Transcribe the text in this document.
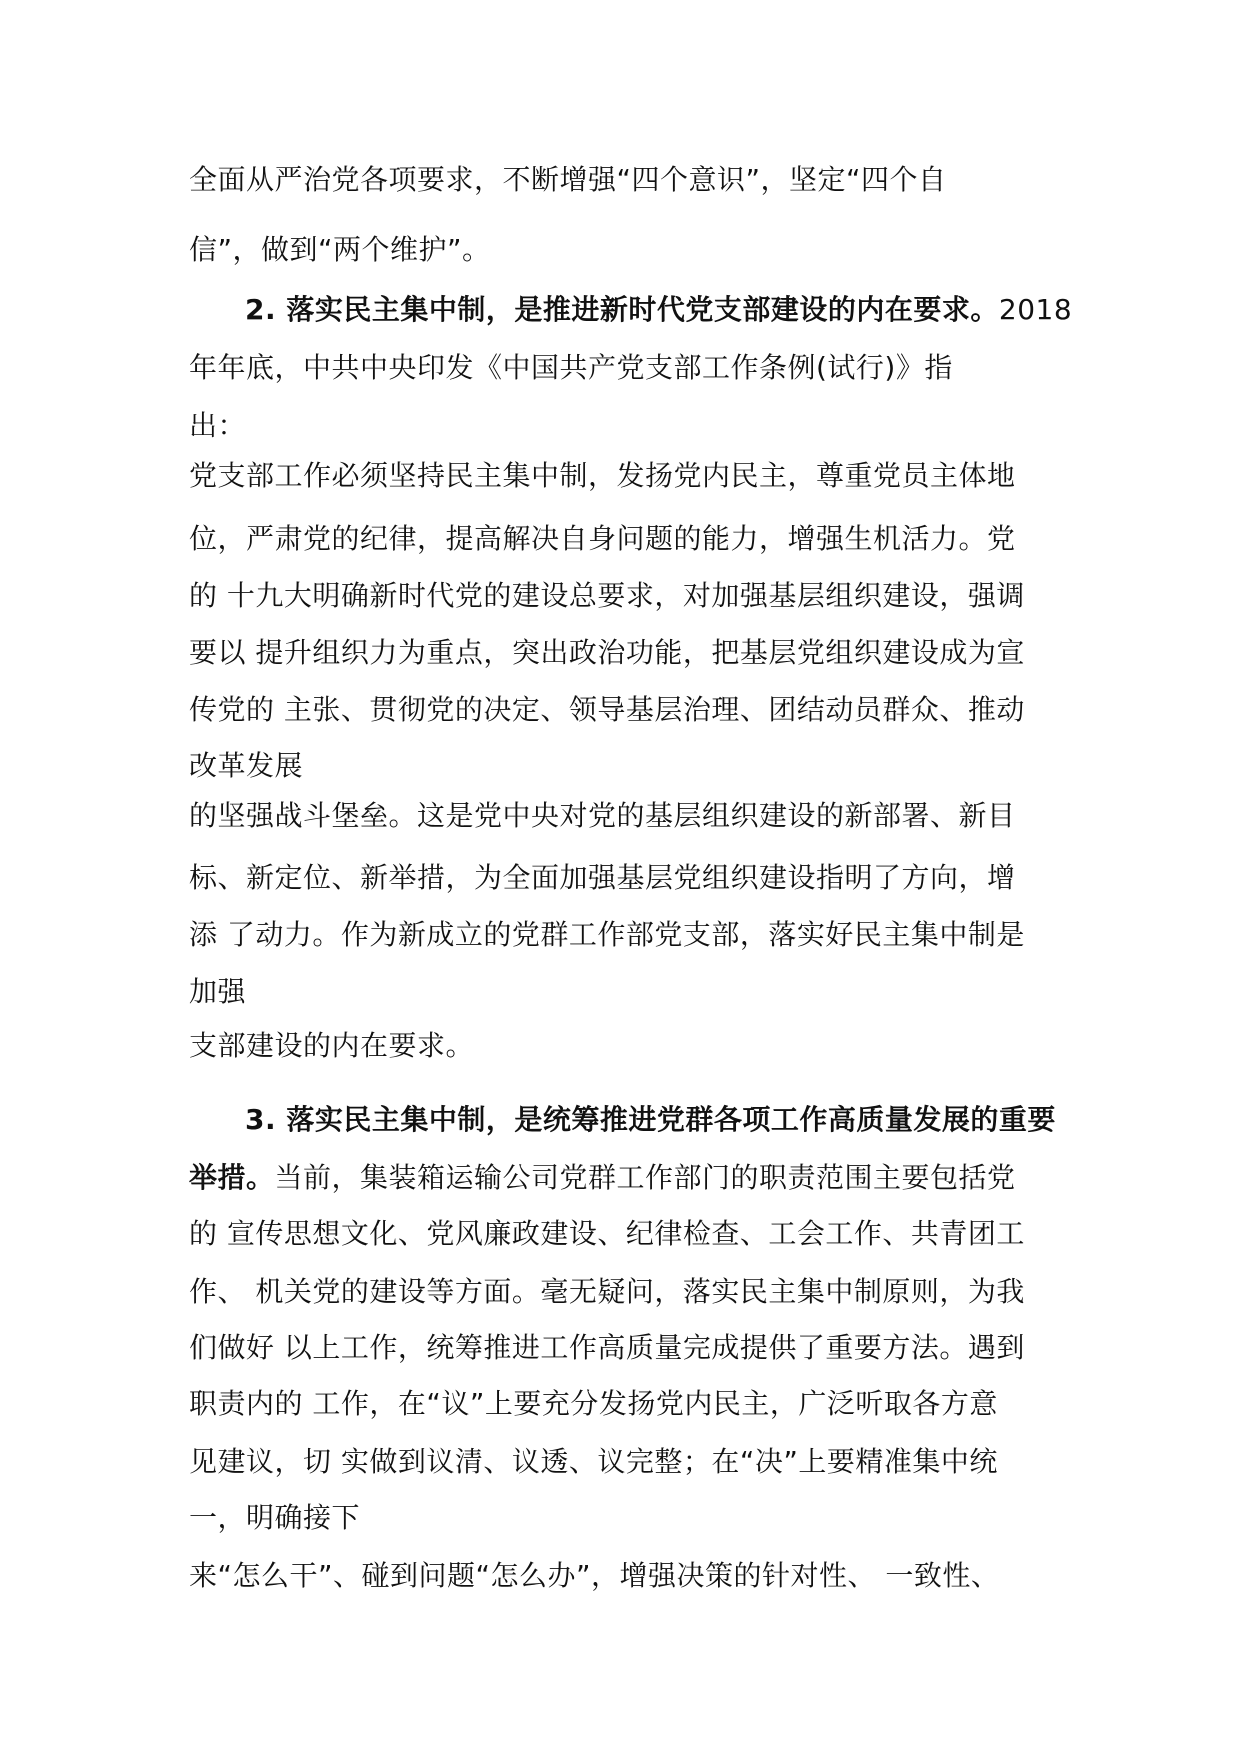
全面从严治党各项要求，不断增强“四个意识”，坚定“四个自
信”，做到“两个维护”。
2. 落实民主集中制，是推进新时代党支部建设的内在要求。2018
年年底，中共中央印发《中国共产党支部工作条例(试行)》指
出：
党支部工作必须坚持民主集中制，发扬党内民主，尊重党员主体地
位，严肃党的纪律，提高解决自身问题的能力，增强生机活力。党
的 十九大明确新时代党的建设总要求，对加强基层组织建设，强调
要以 提升组织力为重点，突出政治功能，把基层党组织建设成为宣
传党的 主张、贯彻党的决定、领导基层治理、团结动员群众、推动
改革发展
的坚强战斗堡垒。这是党中央对党的基层组织建设的新部署、新目
标、新定位、新举措，为全面加强基层党组织建设指明了方向，增
添 了动力。作为新成立的党群工作部党支部，落实好民主集中制是
加强
支部建设的内在要求。
3. 落实民主集中制，是统筹推进党群各项工作高质量发展的重要
举措。当前，集装箱运输公司党群工作部门的职责范围主要包括党
的 宣传思想文化、党风廉政建设、纪律检查、工会工作、共青团工
作、 机关党的建设等方面。毫无疑问，落实民主集中制原则，为我
们做好 以上工作，统筹推进工作高质量完成提供了重要方法。遇到
职责内的 工作，在“议”上要充分发扬党内民主，广泛听取各方意
见建议，切 实做到议清、议透、议完整；在“决”上要精准集中统
一，明确接下
来“怎么干”、碰到问题“怎么办”，增强决策的针对性、 一致性、
